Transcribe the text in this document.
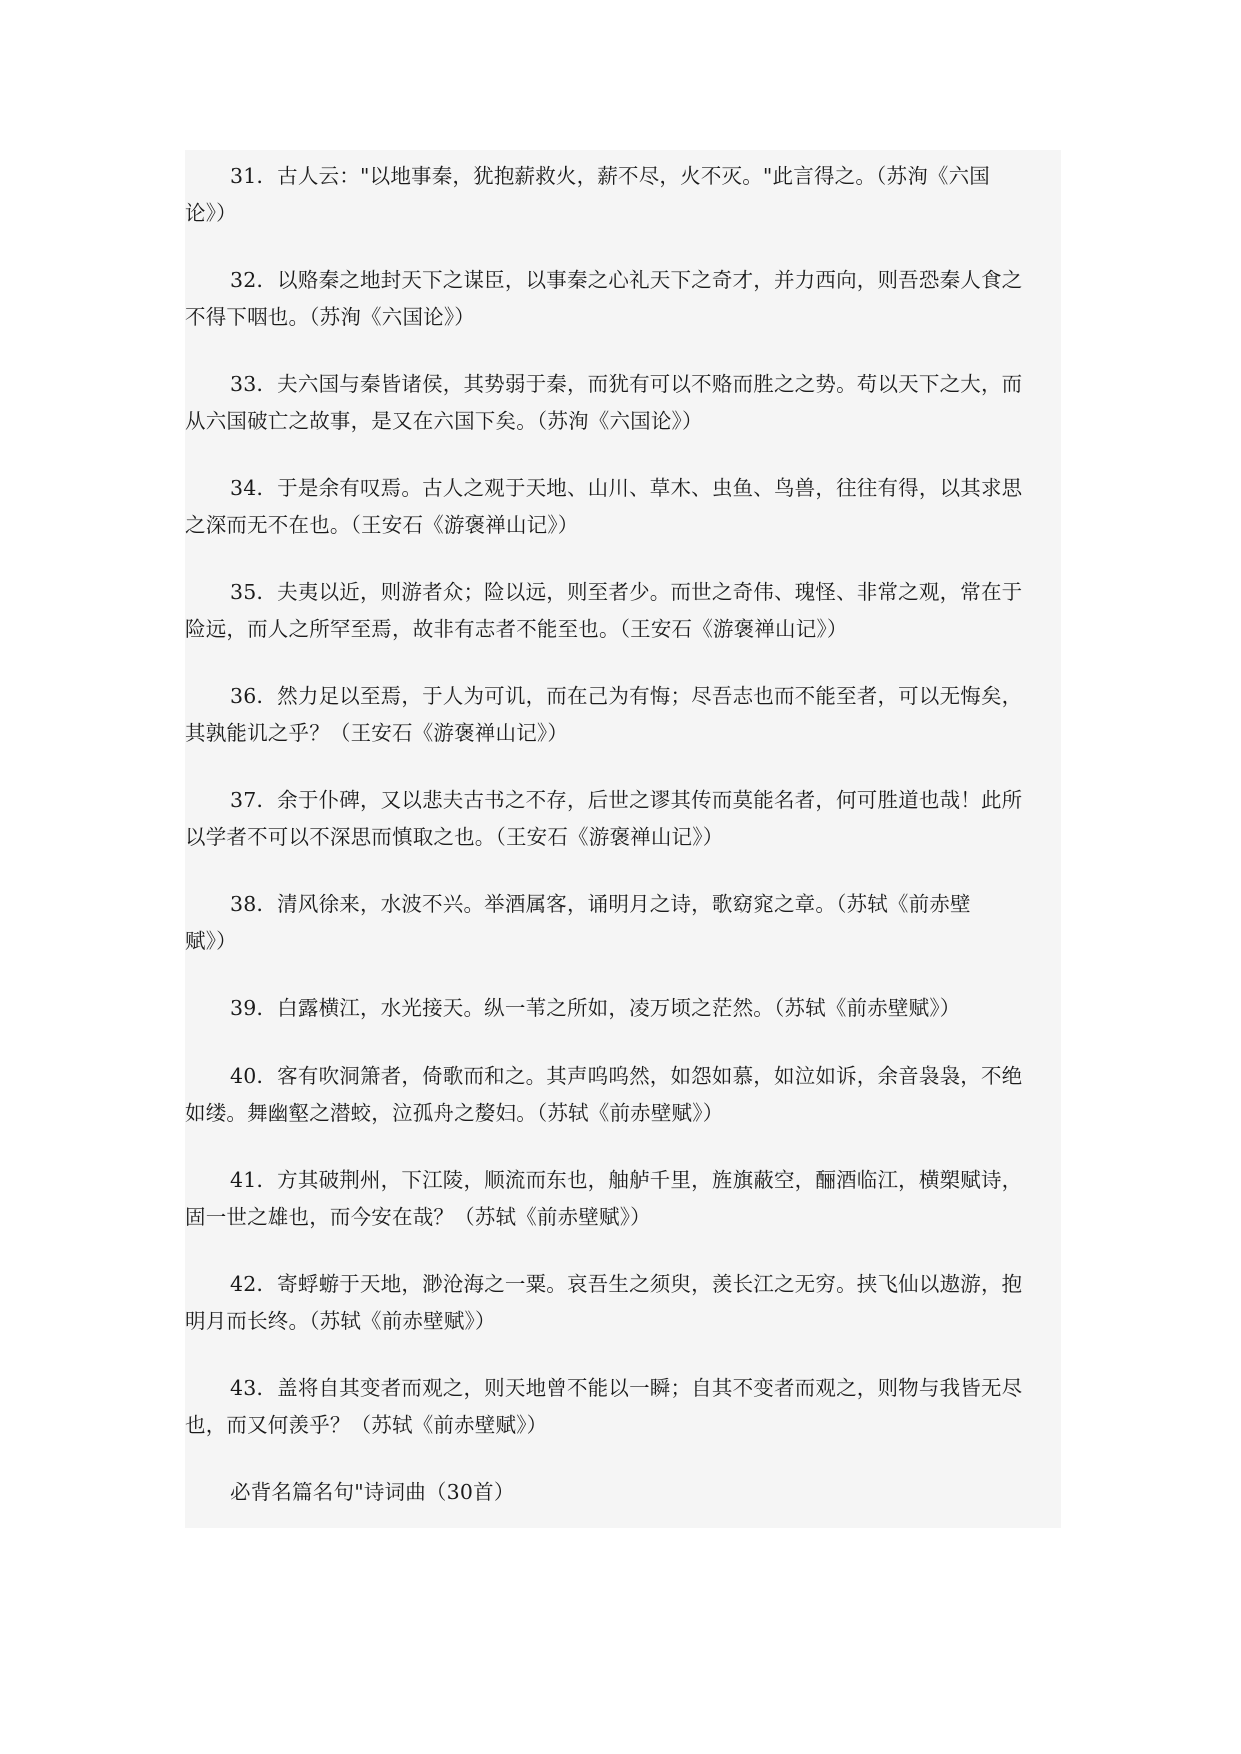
31．古人云："以地事秦，犹抱薪救火，薪不尽，火不灭。"此言得之。（苏洵《六国
论》）
32．以赂秦之地封天下之谋臣，以事秦之心礼天下之奇才，并力西向，则吾恐秦人食之
不得下咽也。（苏洵《六国论》）
33．夫六国与秦皆诸侯，其势弱于秦，而犹有可以不赂而胜之之势。苟以天下之大，而
从六国破亡之故事，是又在六国下矣。（苏洵《六国论》）
34．于是余有叹焉。古人之观于天地、山川、草木、虫鱼、鸟兽，往往有得，以其求思
之深而无不在也。（王安石《游褒禅山记》）
35．夫夷以近，则游者众；险以远，则至者少。而世之奇伟、瑰怪、非常之观，常在于
险远，而人之所罕至焉，故非有志者不能至也。（王安石《游褒禅山记》）
36．然力足以至焉，于人为可讥，而在己为有悔；尽吾志也而不能至者，可以无悔矣，
其孰能讥之乎？（王安石《游褒禅山记》）
37．余于仆碑，又以悲夫古书之不存，后世之谬其传而莫能名者，何可胜道也哉！此所
以学者不可以不深思而慎取之也。（王安石《游褒禅山记》）
38．清风徐来，水波不兴。举酒属客，诵明月之诗，歌窈窕之章。（苏轼《前赤壁
赋》）
39．白露横江，水光接天。纵一苇之所如，凌万顷之茫然。（苏轼《前赤壁赋》）
40．客有吹洞箫者，倚歌而和之。其声呜呜然，如怨如慕，如泣如诉，余音袅袅，不绝
如缕。舞幽壑之潜蛟，泣孤舟之嫠妇。（苏轼《前赤壁赋》）
41．方其破荆州，下江陵，顺流而东也，舳舻千里，旌旗蔽空，酾酒临江，横槊赋诗，
固一世之雄也，而今安在哉？（苏轼《前赤壁赋》）
42．寄蜉蝣于天地，渺沧海之一粟。哀吾生之须臾，羡长江之无穷。挟飞仙以遨游，抱
明月而长终。（苏轼《前赤壁赋》）
43．盖将自其变者而观之，则天地曾不能以一瞬；自其不变者而观之，则物与我皆无尽
也，而又何羡乎？（苏轼《前赤壁赋》）
必背名篇名句"诗词曲（30首）
